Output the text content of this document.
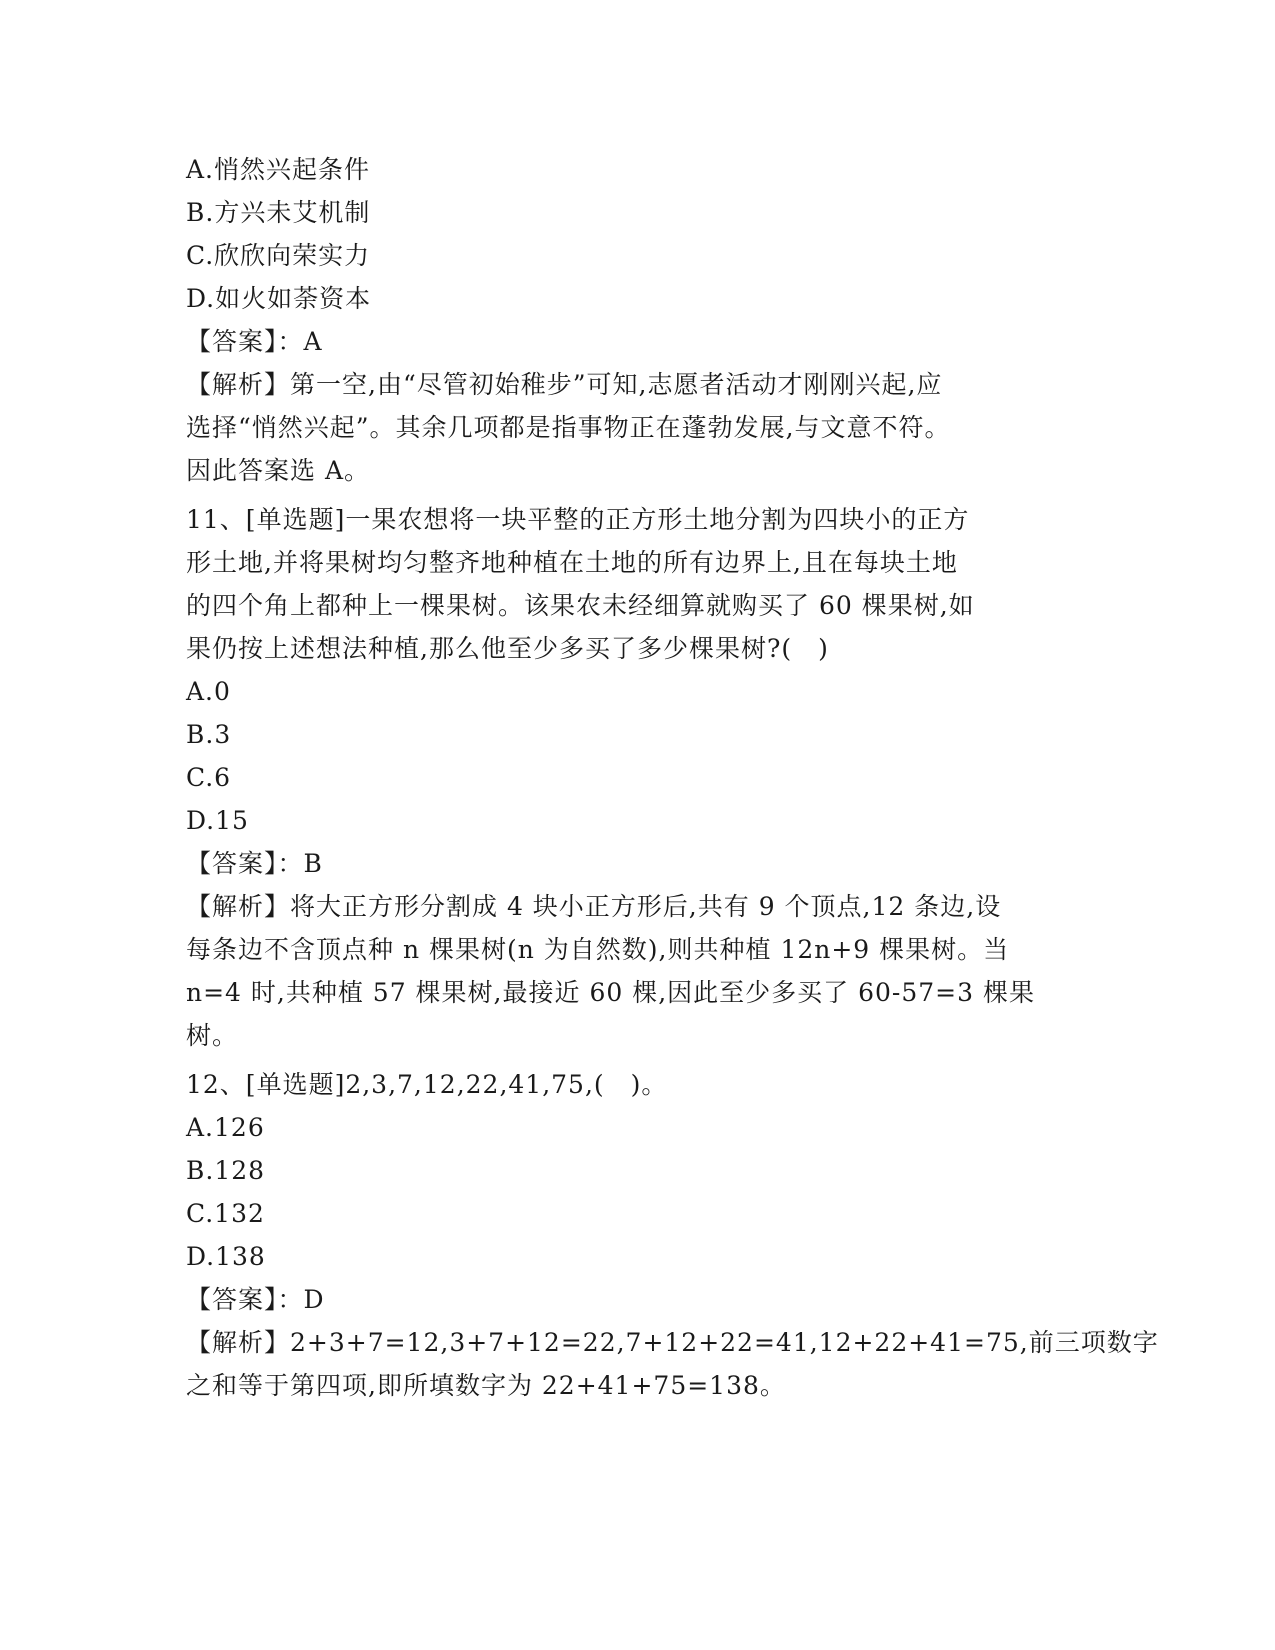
A.悄然兴起条件
B.方兴未艾机制
C.欣欣向荣实力
D.如火如荼资本
【答案】：A
【解析】第一空,由“尽管初始稚步”可知,志愿者活动才刚刚兴起,应
选择“悄然兴起”。其余几项都是指事物正在蓬勃发展,与文意不符。
因此答案选 A。
11、[单选题]一果农想将一块平整的正方形土地分割为四块小的正方
形土地,并将果树均匀整齐地种植在土地的所有边界上,且在每块土地
的四个角上都种上一棵果树。该果农未经细算就购买了 60 棵果树,如
果仍按上述想法种植,那么他至少多买了多少棵果树?(　)
A.0
B.3
C.6
D.15
【答案】：B
【解析】将大正方形分割成 4 块小正方形后,共有 9 个顶点,12 条边,设
每条边不含顶点种 n 棵果树(n 为自然数),则共种植 12n+9 棵果树。当
n=4 时,共种植 57 棵果树,最接近 60 棵,因此至少多买了 60-57=3 棵果
树。
12、[单选题]2,3,7,12,22,41,75,(　)。
A.126
B.128
C.132
D.138
【答案】：D
【解析】2+3+7=12,3+7+12=22,7+12+22=41,12+22+41=75,前三项数字
之和等于第四项,即所填数字为 22+41+75=138。
